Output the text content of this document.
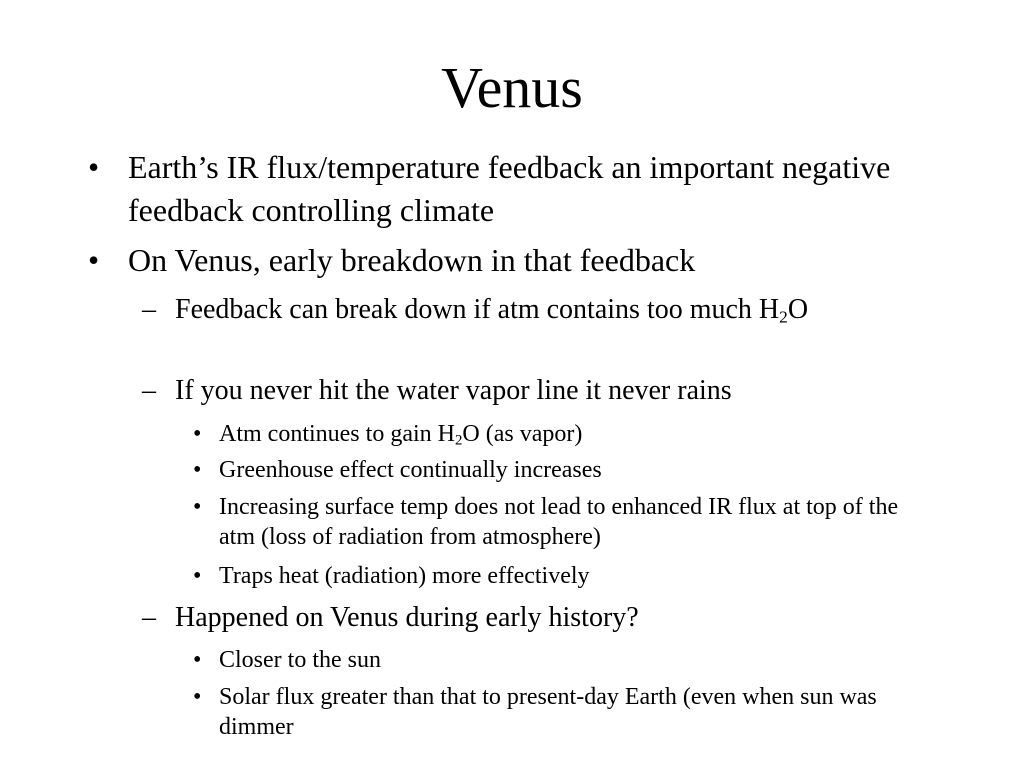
Venus
• Earth’s IR flux/temperature feedback an important negative feedback controlling climate
• On Venus, early breakdown in that feedback
– Feedback can break down if atm contains too much $H_2O$
– If you never hit the water vapor line it never rains
• Atm continues to gain $H_2O$ (as vapor)
• Greenhouse effect continually increases
• Increasing surface temp does not lead to enhanced IR flux at top of the atm (loss of radiation from atmosphere)
• Traps heat (radiation) more effectively
– Happened on Venus during early history?
• Closer to the sun
• Solar flux greater than that to present-day Earth (even when sun was dimmer
